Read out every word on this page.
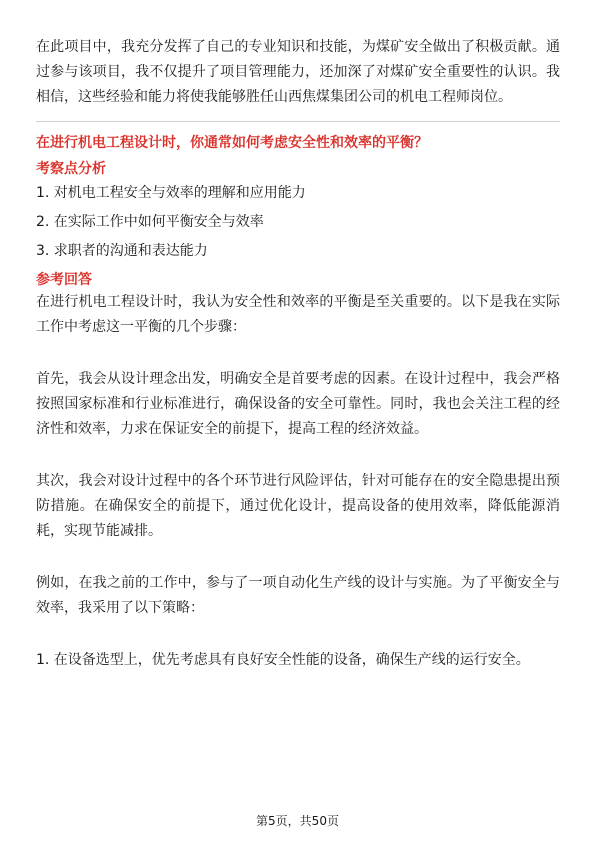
在此项目中，我充分发挥了自己的专业知识和技能，为煤矿安全做出了积极贡献。通过参与该项目，我不仅提升了项目管理能力，还加深了对煤矿安全重要性的认识。我相信，这些经验和能力将使我能够胜任山西焦煤集团公司的机电工程师岗位。

在进行机电工程设计时，你通常如何考虑安全性和效率的平衡？

考察点分析

1. 对机电工程安全与效率的理解和应用能力

2. 在实际工作中如何平衡安全与效率

3. 求职者的沟通和表达能力

参考回答

在进行机电工程设计时，我认为安全性和效率的平衡是至关重要的。以下是我在实际工作中考虑这一平衡的几个步骤：

首先，我会从设计理念出发，明确安全是首要考虑的因素。在设计过程中，我会严格按照国家标准和行业标准进行，确保设备的安全可靠性。同时，我也会关注工程的经济性和效率，力求在保证安全的前提下，提高工程的经济效益。

其次，我会对设计过程中的各个环节进行风险评估，针对可能存在的安全隐患提出预防措施。在确保安全的前提下，通过优化设计，提高设备的使用效率，降低能源消耗，实现节能减排。

例如，在我之前的工作中，参与了一项自动化生产线的设计与实施。为了平衡安全与效率，我采用了以下策略：

1. 在设备选型上，优先考虑具有良好安全性能的设备，确保生产线的运行安全。

第5页，共50页
